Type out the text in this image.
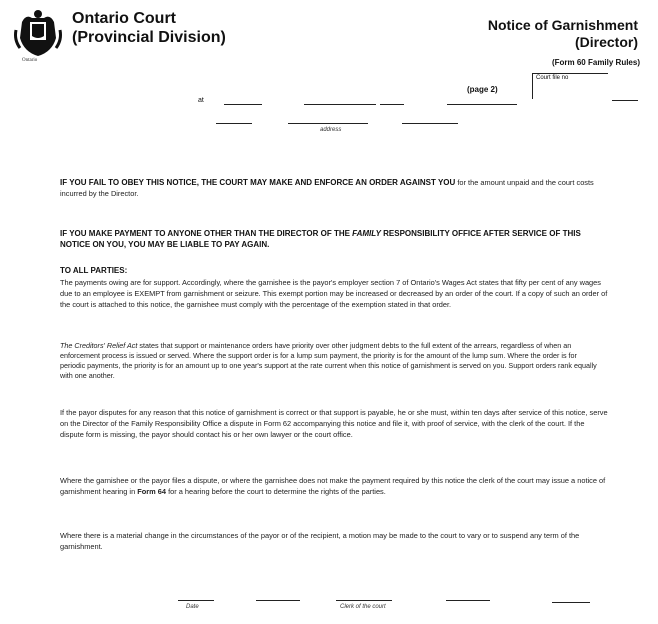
Ontario
Ontario Court
(Provincial Division)
Notice of Garnishment
(Director)
(Form 60 Family Rules)
Court file no
(page 2)
at
address
IF YOU FAIL TO OBEY THIS NOTICE, THE COURT MAY MAKE AND ENFORCE AN ORDER AGAINST YOU for the amount unpaid and the court costs incurred by the Director.
IF YOU MAKE PAYMENT TO ANYONE OTHER THAN THE DIRECTOR OF THE FAMILY RESPONSIBILITY OFFICE AFTER SERVICE OF THIS NOTICE ON YOU, YOU MAY BE LIABLE TO PAY AGAIN.
TO ALL PARTIES:
The payments owing are for support. Accordingly, where the garnishee is the payor's employer section 7 of Ontario's Wages Act states that fifty per cent of any wages due to an employee is EXEMPT from garnishment or seizure. This exempt portion may be increased or decreased by an order of the court. If a copy of such an order of the court is attached to this notice, the garnishee must comply with the percentage of the exemption stated in that order.
The Creditors' Relief Act states that support or maintenance orders have priority over other judgment debts to the full extent of the arrears, regardless of when an enforcement process is issued or served. Where the support order is for a lump sum payment, the priority is for the amount of the lump sum. Where the order is for periodic payments, the priority is for an amount up to one year's support at the rate current when this notice of garnishment is served on you. Support orders rank equally with one another.
If the payor disputes for any reason that this notice of garnishment is correct or that support is payable, he or she must, within ten days after service of this notice, serve on the Director of the Family Responsibility Office a dispute in Form 62 accompanying this notice and file it, with proof of service, with the clerk of the court. If the dispute form is missing, the payor should contact his or her own lawyer or the court office.
Where the garnishee or the payor files a dispute, or where the garnishee does not make the payment required by this notice the clerk of the court may issue a notice of garnishment hearing in Form 64 for a hearing before the court to determine the rights of the parties.
Where there is a material change in the circumstances of the payor or of the recipient, a motion may be made to the court to vary or to suspend any term of the garnishment.
Date	Clerk of the court
